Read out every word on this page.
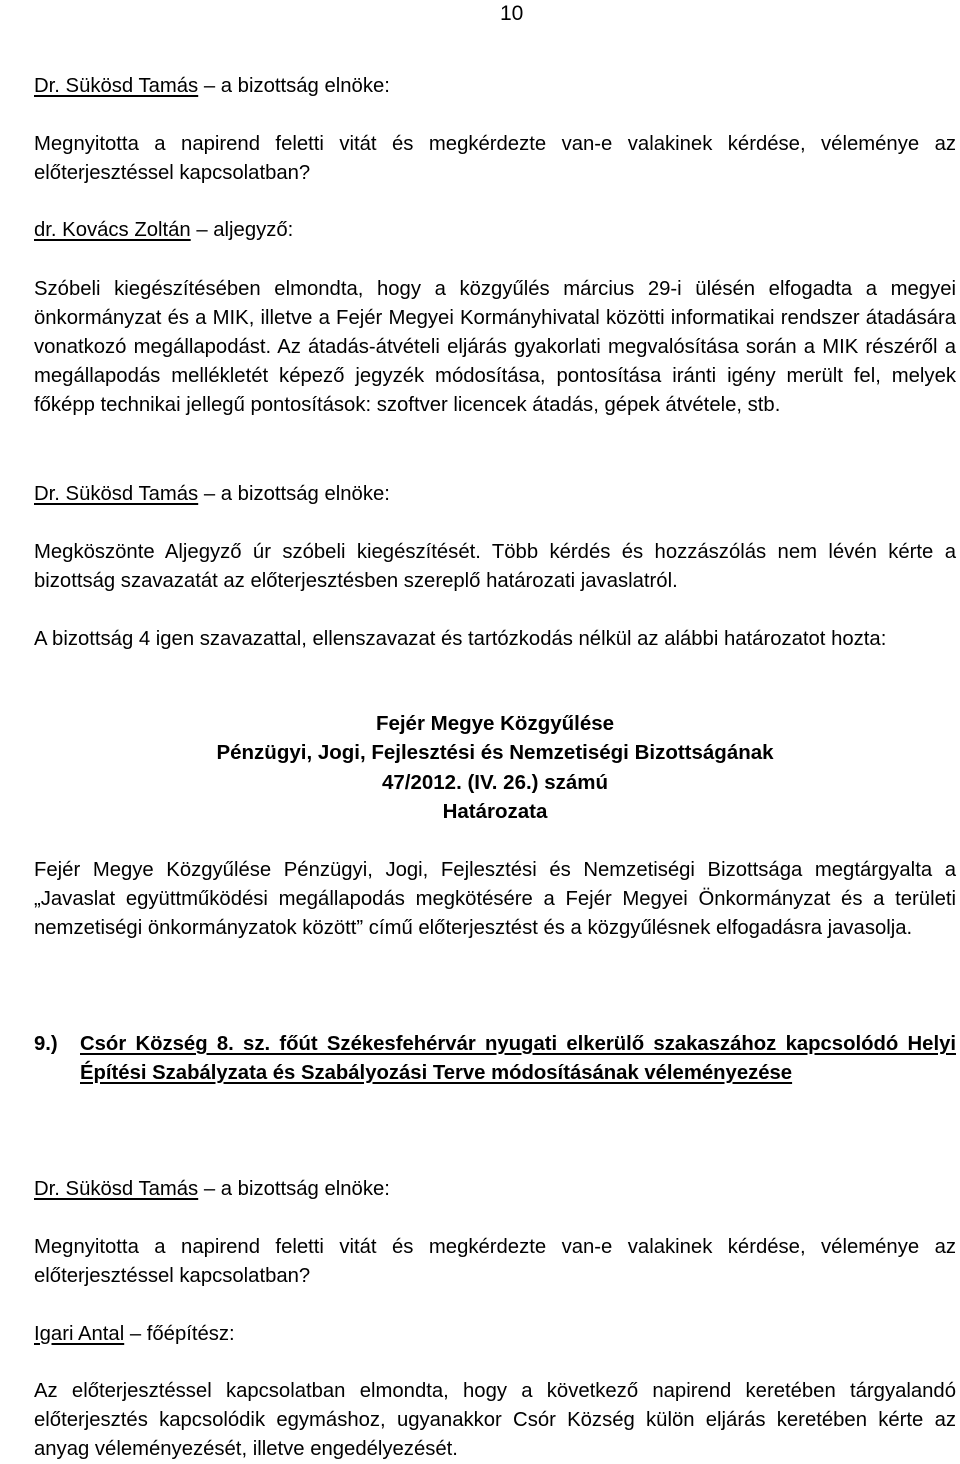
10
Dr. Sükösd Tamás – a bizottság elnöke:
Megnyitotta a napirend feletti vitát és megkérdezte van-e valakinek kérdése, véleménye az előterjesztéssel kapcsolatban?
dr. Kovács Zoltán – aljegyző:
Szóbeli kiegészítésében elmondta, hogy a közgyűlés március 29-i ülésén elfogadta a megyei önkormányzat és a MIK, illetve a Fejér Megyei Kormányhivatal közötti informatikai rendszer átadására vonatkozó megállapodást. Az átadás-átvételi eljárás gyakorlati megvalósítása során a MIK részéről a megállapodás mellékletét képező jegyzék módosítása, pontosítása iránti igény merült fel, melyek főképp technikai jellegű pontosítások: szoftver licencek átadás, gépek átvétele, stb.
Dr. Sükösd Tamás – a bizottság elnöke:
Megköszönte Aljegyző úr szóbeli kiegészítését. Több kérdés és hozzászólás nem lévén kérte a bizottság szavazatát az előterjesztésben szereplő határozati javaslatról.
A bizottság 4 igen szavazattal, ellenszavazat és tartózkodás nélkül az alábbi határozatot hozta:
Fejér Megye Közgyűlése
Pénzügyi, Jogi, Fejlesztési és Nemzetiségi Bizottságának
47/2012. (IV. 26.) számú
Határozata
Fejér Megye Közgyűlése Pénzügyi, Jogi, Fejlesztési és Nemzetiségi Bizottsága megtárgyalta a „Javaslat együttműködési megállapodás megkötésére a Fejér Megyei Önkormányzat és a területi nemzetiségi önkormányzatok között” című előterjesztést és a közgyűlésnek elfogadásra javasolja.
9.) Csór Község 8. sz. főút Székesfehérvár nyugati elkerülő szakaszához kapcsolódó Helyi Építési Szabályzata és Szabályozási Terve módosításának véleményezése
Dr. Sükösd Tamás – a bizottság elnöke:
Megnyitotta a napirend feletti vitát és megkérdezte van-e valakinek kérdése, véleménye az előterjesztéssel kapcsolatban?
Igari Antal – főépítész:
Az előterjesztéssel kapcsolatban elmondta, hogy a következő napirend keretében tárgyalandó előterjesztés kapcsolódik egymáshoz, ugyanakkor Csór Község külön eljárás keretében kérte az anyag véleményezését, illetve engedélyezését.
